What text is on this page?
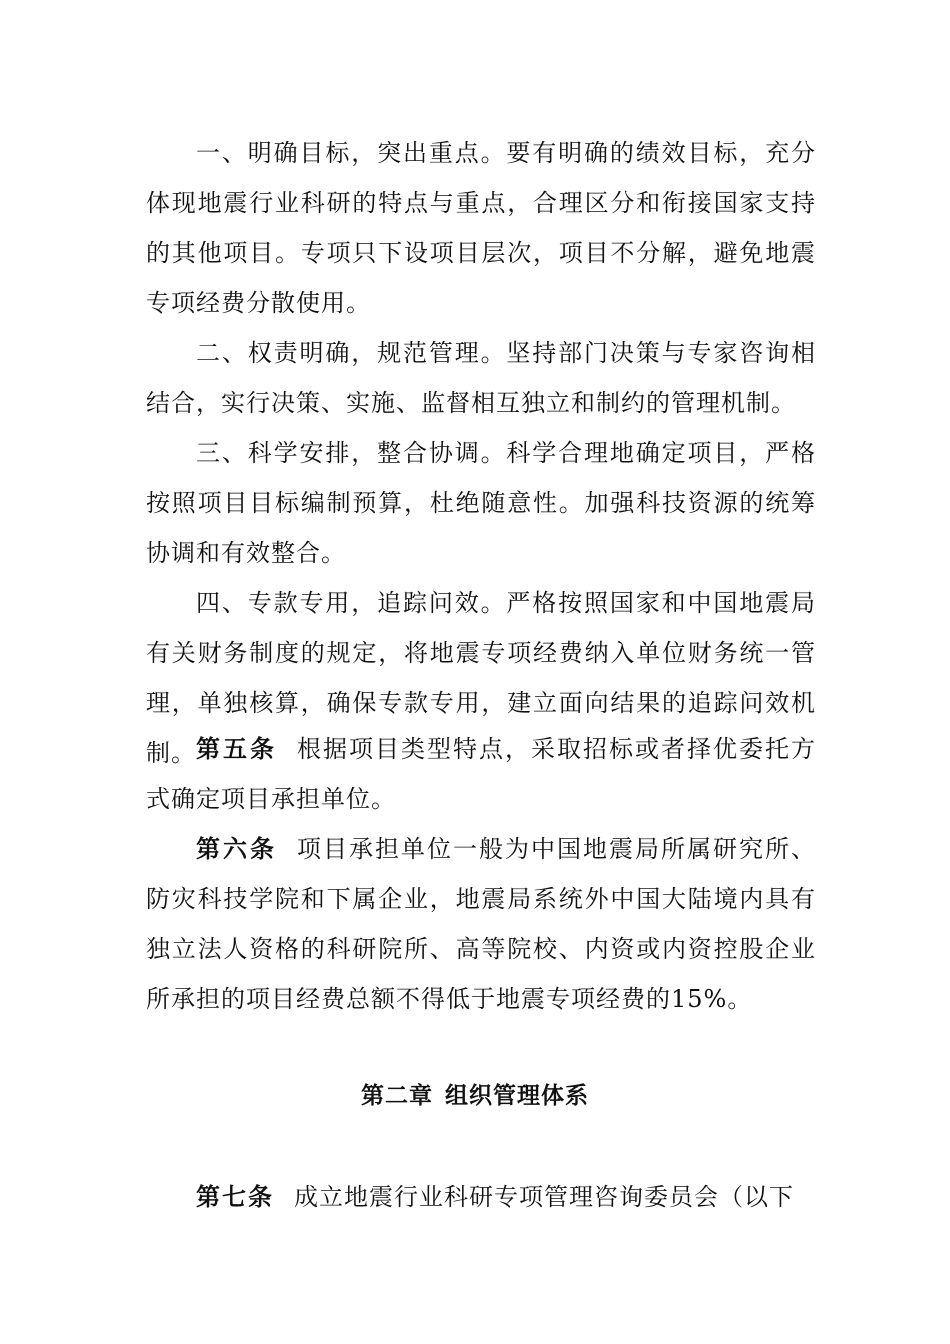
一、明确目标，突出重点。要有明确的绩效目标，充分体现地震行业科研的特点与重点，合理区分和衔接国家支持的其他项目。专项只下设项目层次，项目不分解，避免地震专项经费分散使用。

二、权责明确，规范管理。坚持部门决策与专家咨询相结合，实行决策、实施、监督相互独立和制约的管理机制。

三、科学安排，整合协调。科学合理地确定项目，严格按照项目目标编制预算，杜绝随意性。加强科技资源的统筹协调和有效整合。

四、专款专用，追踪问效。严格按照国家和中国地震局有关财务制度的规定，将地震专项经费纳入单位财务统一管理，单独核算，确保专款专用，建立面向结果的追踪问效机制。 第五条 根据项目类型特点，采取招标或者择优委托方式确定项目承担单位。

第六条 项目承担单位一般为中国地震局所属研究所、防灾科技学院和下属企业，地震局系统外中国大陆境内具有独立法人资格的科研院所、高等院校、内资或内资控股企业所承担的项目经费总额不得低于地震专项经费的15%。

第二章 组织管理体系

第七条 成立地震行业科研专项管理咨询委员会（以下
